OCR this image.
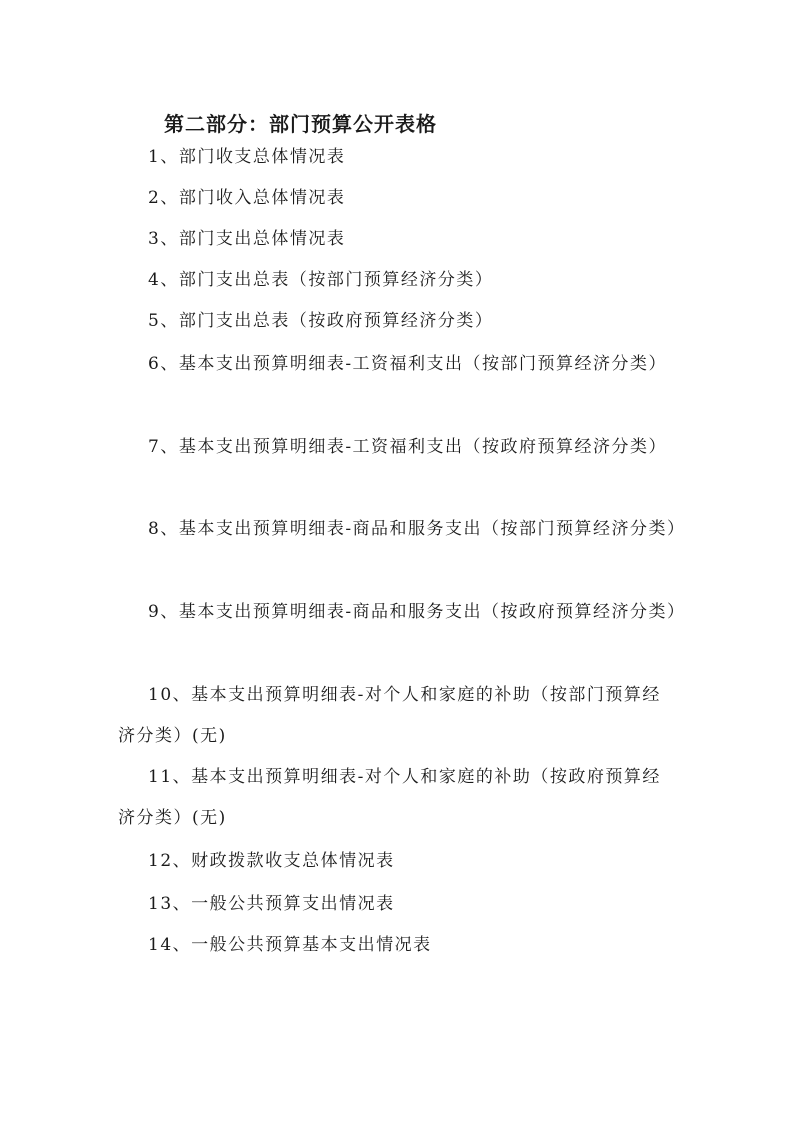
第二部分：部门预算公开表格
1、部门收支总体情况表
2、部门收入总体情况表
3、部门支出总体情况表
4、部门支出总表（按部门预算经济分类）
5、部门支出总表（按政府预算经济分类）
6、基本支出预算明细表-工资福利支出（按部门预算经济分类）
7、基本支出预算明细表-工资福利支出（按政府预算经济分类）
8、基本支出预算明细表-商品和服务支出（按部门预算经济分类）
9、基本支出预算明细表-商品和服务支出（按政府预算经济分类）
10、基本支出预算明细表-对个人和家庭的补助（按部门预算经济分类）(无)
11、基本支出预算明细表-对个人和家庭的补助（按政府预算经济分类）(无)
12、财政拨款收支总体情况表
13、一般公共预算支出情况表
14、一般公共预算基本支出情况表
